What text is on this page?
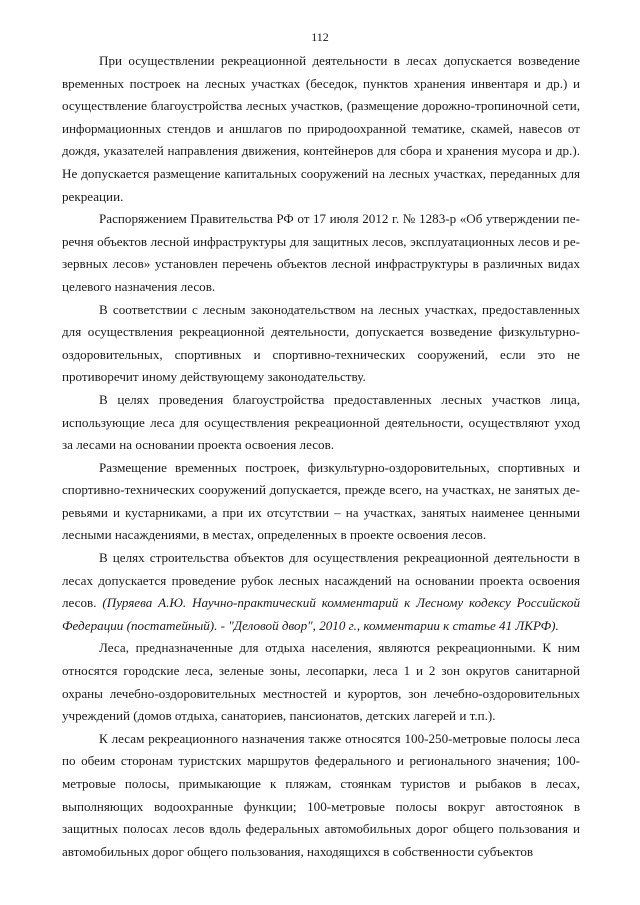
112

При осуществлении рекреационной деятельности в лесах допускается возведение временных построек на лесных участках (беседок, пунктов хранения инвентаря и др.) и осуществление благоустройства лесных участков, (размещение дорожно-тропиночной сети, информационных стендов и аншлагов по природоохранной тематике, скамей, навесов от дождя, указателей направления движения, контейнеров для сбора и хранения мусора и др.). Не допускается размещение капитальных сооружений на лесных участках, переданных для рекреации.

Распоряжением Правительства РФ от 17 июля 2012 г. № 1283-р «Об утверждении перечня объектов лесной инфраструктуры для защитных лесов, эксплуатационных лесов и резервных лесов» установлен перечень объектов лесной инфраструктуры в различных видах целевого назначения лесов.

В соответствии с лесным законодательством на лесных участках, предоставленных для осуществления рекреационной деятельности, допускается возведение физкультурно-оздоровительных, спортивных и спортивно-технических сооружений, если это не противоречит иному действующему законодательству.

В целях проведения благоустройства предоставленных лесных участков лица, использующие леса для осуществления рекреационной деятельности, осуществляют уход за лесами на основании проекта освоения лесов.

Размещение временных построек, физкультурно-оздоровительных, спортивных и спортивно-технических сооружений допускается, прежде всего, на участках, не занятых деревьями и кустарниками, а при их отсутствии – на участках, занятых наименее ценными лесными насаждениями, в местах, определенных в проекте освоения лесов.

В целях строительства объектов для осуществления рекреационной деятельности в лесах допускается проведение рубок лесных насаждений на основании проекта освоения лесов. (Пуряева А.Ю. Научно-практический комментарий к Лесному кодексу Российской Федерации (постатейный). - "Деловой двор", 2010 г., комментарии к статье 41 ЛКРФ).

Леса, предназначенные для отдыха населения, являются рекреационными. К ним относятся городские леса, зеленые зоны, лесопарки, леса 1 и 2 зон округов санитарной охраны лечебно-оздоровительных местностей и курортов, зон лечебно-оздоровительных учреждений (домов отдыха, санаториев, пансионатов, детских лагерей и т.п.).

К лесам рекреационного назначения также относятся 100-250-метровые полосы леса по обеим сторонам туристских маршрутов федерального и регионального значения; 100-метровые полосы, примыкающие к пляжам, стоянкам туристов и рыбаков в лесах, выполняющих водоохранные функции; 100-метровые полосы вокруг автостоянок в защитных полосах лесов вдоль федеральных автомобильных дорог общего пользования и автомобильных дорог общего пользования, находящихся в собственности субъектов
